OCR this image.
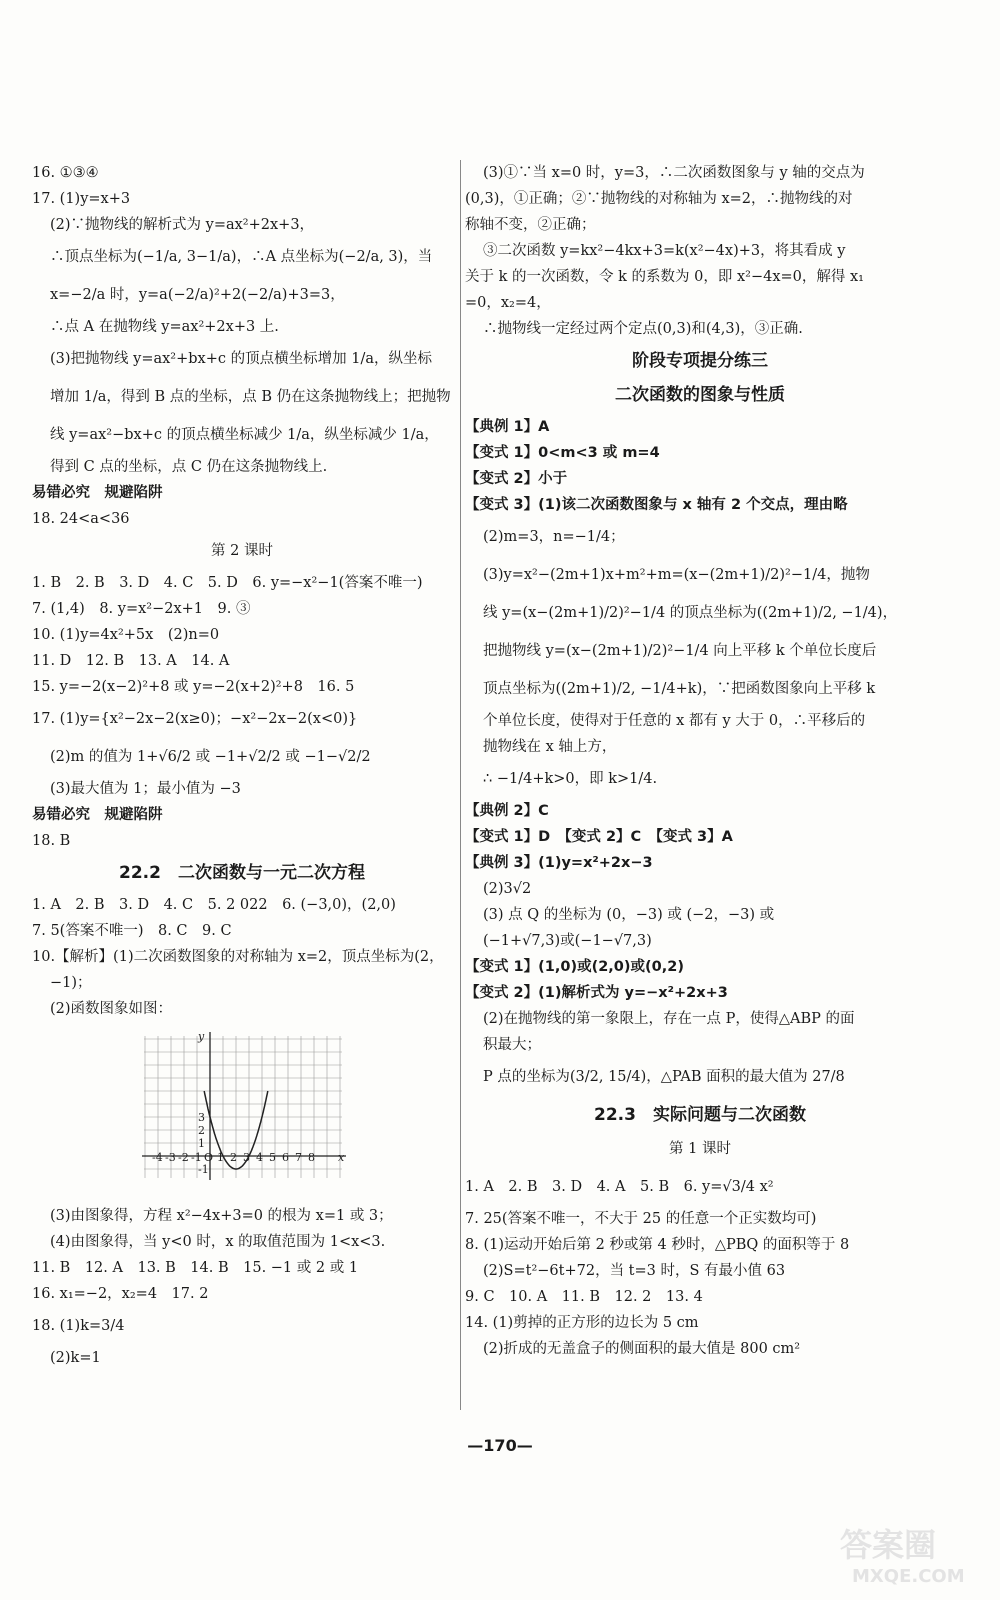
16. ①③④
17. (1)y=x+3
(2)∵抛物线的解析式为 y=ax²+2x+3，
∴顶点坐标为(−1/a, 3−1/a)，∴A 点坐标为(−2/a, 3)，当
x=−2/a 时，y=a(−2/a)²+2(−2/a)+3=3，
∴点 A 在抛物线 y=ax²+2x+3 上.
(3)把抛物线 y=ax²+bx+c 的顶点横坐标增加 1/a，纵坐标
增加 1/a，得到 B 点的坐标，点 B 仍在这条抛物线上；把抛物
线 y=ax²−bx+c 的顶点横坐标减少 1/a，纵坐标减少 1/a，
得到 C 点的坐标，点 C 仍在这条抛物线上.
易错必究　规避陷阱
18. 24<a<36
第 2 课时
1. B　2. B　3. D　4. C　5. D　6. y=−x²−1(答案不唯一)
7. (1,4)　8. y=x²−2x+1　9. ③
10. (1)y=4x²+5x　(2)n=0
11. D　12. B　13. A　14. A
15. y=−2(x−2)²+8 或 y=−2(x+2)²+8　16. 5
17. (1)y={x²−2x−2(x≥0)；−x²−2x−2(x<0)}
(2)m 的值为 1+√6/2 或 −1+√2/2 或 −1−√2/2
(3)最大值为 1；最小值为 −3
易错必究　规避陷阱
18. B
22.2　二次函数与一元二次方程
1. A　2. B　3. D　4. C　5. 2 022　6. (−3,0)，(2,0)
7. 5(答案不唯一)　8. C　9. C
10.【解析】(1)二次函数图象的对称轴为 x=2，顶点坐标为(2，
−1)；
(2)函数图象如图：
-4 -3 -2 -1 O 1 2 3 4 5 6 7 8
3
2
1
-1
x
y
(3)由图象得，方程 x²−4x+3=0 的根为 x=1 或 3；
(4)由图象得，当 y<0 时，x 的取值范围为 1<x<3.
11. B　12. A　13. B　14. B　15. −1 或 2 或 1
16. x₁=−2，x₂=4　17. 2
18. (1)k=3/4
(2)k=1
(3)①∵当 x=0 时，y=3，∴二次函数图象与 y 轴的交点为
(0,3)，①正确；②∵抛物线的对称轴为 x=2，∴抛物线的对
称轴不变，②正确；
③二次函数 y=kx²−4kx+3=k(x²−4x)+3，将其看成 y
关于 k 的一次函数，令 k 的系数为 0，即 x²−4x=0，解得 x₁
=0，x₂=4，
∴抛物线一定经过两个定点(0,3)和(4,3)，③正确.
阶段专项提分练三
二次函数的图象与性质
【典例 1】A
【变式 1】0<m<3 或 m=4
【变式 2】小于
【变式 3】(1)该二次函数图象与 x 轴有 2 个交点，理由略
(2)m=3，n=−1/4；
(3)y=x²−(2m+1)x+m²+m=(x−(2m+1)/2)²−1/4，抛物
线 y=(x−(2m+1)/2)²−1/4 的顶点坐标为((2m+1)/2, −1/4)，
把抛物线 y=(x−(2m+1)/2)²−1/4 向上平移 k 个单位长度后
顶点坐标为((2m+1)/2, −1/4+k)，∵把函数图象向上平移 k
个单位长度，使得对于任意的 x 都有 y 大于 0，∴平移后的
抛物线在 x 轴上方，
∴ −1/4+k>0，即 k>1/4.
【典例 2】C
【变式 1】D　【变式 2】C　【变式 3】A
【典例 3】(1)y=x²+2x−3
(2)3√2
(3) 点 Q 的坐标为 (0，−3) 或 (−2，−3) 或
(−1+√7,3)或(−1−√7,3)
【变式 1】(1,0)或(2,0)或(0,2)
【变式 2】(1)解析式为 y=−x²+2x+3
(2)在抛物线的第一象限上，存在一点 P，使得△ABP 的面
积最大；
P 点的坐标为(3/2, 15/4)，△PAB 面积的最大值为 27/8
22.3　实际问题与二次函数
第 1 课时
1. A　2. B　3. D　4. A　5. B　6. y=√3/4 x²
7. 25(答案不唯一，不大于 25 的任意一个正实数均可)
8. (1)运动开始后第 2 秒或第 4 秒时，△PBQ 的面积等于 8
(2)S=t²−6t+72，当 t=3 时，S 有最小值 63
9. C　10. A　11. B　12. 2　13. 4
14. (1)剪掉的正方形的边长为 5 cm
(2)折成的无盖盒子的侧面积的最大值是 800 cm²
—170—
答案圈
MXQE.COM
